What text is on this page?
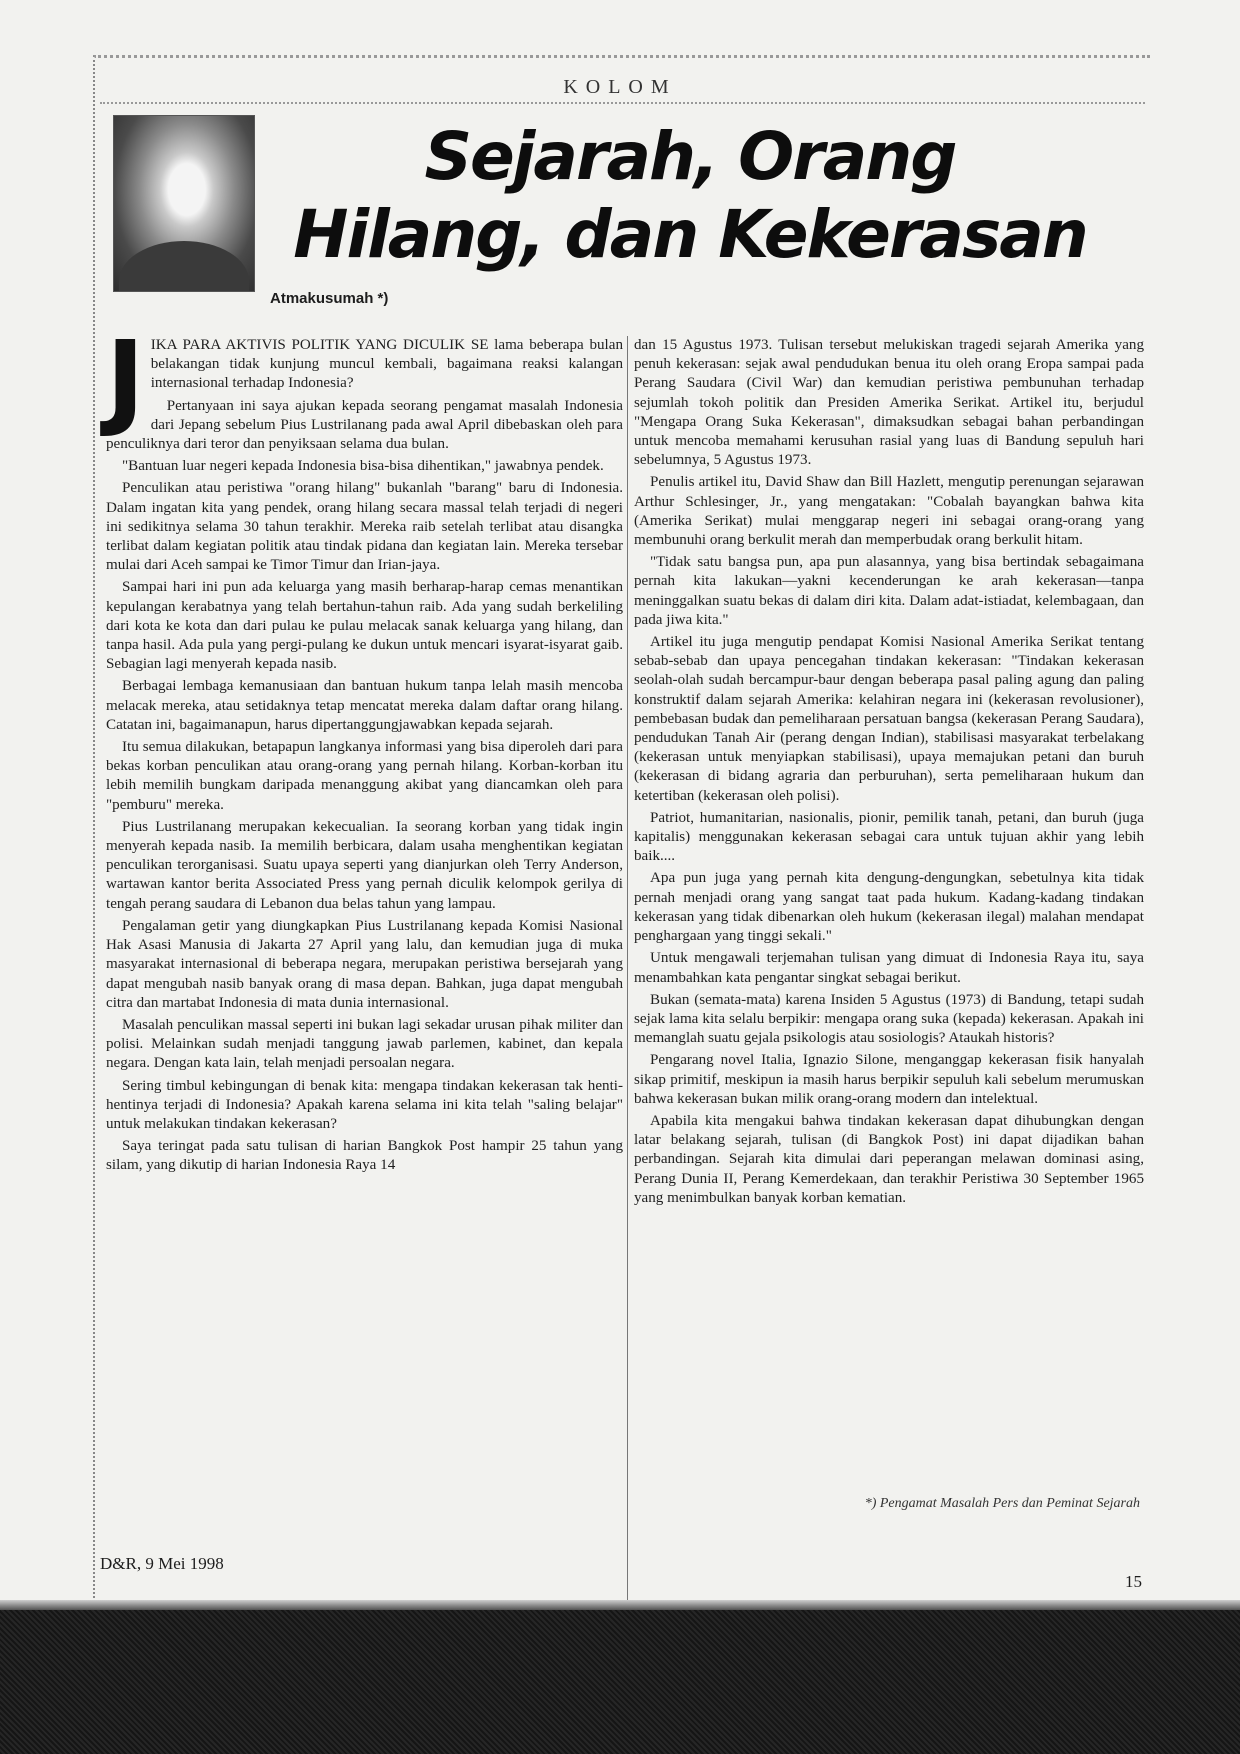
KOLOM
Sejarah, Orang Hilang, dan Kekerasan
Atmakusumah *)
J IKA PARA AKTIVIS POLITIK YANG DICULIK SE lama beberapa bulan belakangan tidak kunjung muncul kembali, bagaimana reaksi kalangan internasional terhadap Indonesia?

Pertanyaan ini saya ajukan kepada seorang pengamat masalah Indonesia dari Jepang sebelum Pius Lustrilanang pada awal April dibebaskan oleh para penculiknya dari teror dan penyiksaan selama dua bulan.

"Bantuan luar negeri kepada Indonesia bisa-bisa dihentikan," jawabnya pendek.

Penculikan atau peristiwa "orang hilang" bukanlah "barang" baru di Indonesia. Dalam ingatan kita yang pendek, orang hilang secara massal telah terjadi di negeri ini sedikitnya selama 30 tahun terakhir. Mereka raib setelah terlibat atau disangka terlibat dalam kegiatan politik atau tindak pidana dan kegiatan lain. Mereka tersebar mulai dari Aceh sampai ke Timor Timur dan Irian-jaya.

Sampai hari ini pun ada keluarga yang masih berharap-harap cemas menantikan kepulangan kerabatnya yang telah bertahun-tahun raib. Ada yang sudah berkeliling dari kota ke kota dan dari pulau ke pulau melacak sanak keluarga yang hilang, dan tanpa hasil. Ada pula yang pergi-pulang ke dukun untuk mencari isyarat-isyarat gaib. Sebagian lagi menyerah kepada nasib.

Berbagai lembaga kemanusiaan dan bantuan hukum tanpa lelah masih mencoba melacak mereka, atau setidaknya tetap mencatat mereka dalam daftar orang hilang. Catatan ini, bagaimanapun, harus dipertanggungjawabkan kepada sejarah.

Itu semua dilakukan, betapapun langkanya informasi yang bisa diperoleh dari para bekas korban penculikan atau orang-orang yang pernah hilang. Korban-korban itu lebih memilih bungkam daripada menanggung akibat yang diancamkan oleh para "pemburu" mereka.

Pius Lustrilanang merupakan kekecualian. Ia seorang korban yang tidak ingin menyerah kepada nasib. Ia memilih berbicara, dalam usaha menghentikan kegiatan penculikan terorganisasi. Suatu upaya seperti yang dianjurkan oleh Terry Anderson, wartawan kantor berita Associated Press yang pernah diculik kelompok gerilya di tengah perang saudara di Lebanon dua belas tahun yang lampau.

Pengalaman getir yang diungkapkan Pius Lustrilanang kepada Komisi Nasional Hak Asasi Manusia di Jakarta 27 April yang lalu, dan kemudian juga di muka masyarakat internasional di beberapa negara, merupakan peristiwa bersejarah yang dapat mengubah nasib banyak orang di masa depan. Bahkan, juga dapat mengubah citra dan martabat Indonesia di mata dunia internasional.

Masalah penculikan massal seperti ini bukan lagi sekadar urusan pihak militer dan polisi. Melainkan sudah menjadi tanggung jawab parlemen, kabinet, dan kepala negara. Dengan kata lain, telah menjadi persoalan negara.

Sering timbul kebingungan di benak kita: mengapa tindakan kekerasan tak henti-hentinya terjadi di Indonesia? Apakah karena selama ini kita telah "saling belajar" untuk melakukan tindakan kekerasan?

Saya teringat pada satu tulisan di harian Bangkok Post hampir 25 tahun yang silam, yang dikutip di harian Indonesia Raya 14

dan 15 Agustus 1973. Tulisan tersebut melukiskan tragedi sejarah Amerika yang penuh kekerasan: sejak awal pendudukan benua itu oleh orang Eropa sampai pada Perang Saudara (Civil War) dan kemudian peristiwa pembunuhan terhadap sejumlah tokoh politik dan Presiden Amerika Serikat. Artikel itu, berjudul "Mengapa Orang Suka Kekerasan", dimaksudkan sebagai bahan perbandingan untuk mencoba memahami kerusuhan rasial yang luas di Bandung sepuluh hari sebelumnya, 5 Agustus 1973.

Penulis artikel itu, David Shaw dan Bill Hazlett, mengutip perenungan sejarawan Arthur Schlesinger, Jr., yang mengatakan: "Cobalah bayangkan bahwa kita (Amerika Serikat) mulai menggarap negeri ini sebagai orang-orang yang membunuhi orang berkulit merah dan memperbudak orang berkulit hitam.

"Tidak satu bangsa pun, apa pun alasannya, yang bisa bertindak sebagaimana pernah kita lakukan—yakni kecenderungan ke arah kekerasan—tanpa meninggalkan suatu bekas di dalam diri kita. Dalam adat-istiadat, kelembagaan, dan pada jiwa kita."

Artikel itu juga mengutip pendapat Komisi Nasional Amerika Serikat tentang sebab-sebab dan upaya pencegahan tindakan kekerasan: "Tindakan kekerasan seolah-olah sudah bercampur-baur dengan beberapa pasal paling agung dan paling konstruktif dalam sejarah Amerika: kelahiran negara ini (kekerasan revolusioner), pembebasan budak dan pemeliharaan persatuan bangsa (kekerasan Perang Saudara), pendudukan Tanah Air (perang dengan Indian), stabilisasi masyarakat terbelakang (kekerasan untuk menyiapkan stabilisasi), upaya memajukan petani dan buruh (kekerasan di bidang agraria dan perburuhan), serta pemeliharaan hukum dan ketertiban (kekerasan oleh polisi).

Patriot, humanitarian, nasionalis, pionir, pemilik tanah, petani, dan buruh (juga kapitalis) menggunakan kekerasan sebagai cara untuk tujuan akhir yang lebih baik....

Apa pun juga yang pernah kita dengung-dengungkan, sebetulnya kita tidak pernah menjadi orang yang sangat taat pada hukum. Kadang-kadang tindakan kekerasan yang tidak dibenarkan oleh hukum (kekerasan ilegal) malahan mendapat penghargaan yang tinggi sekali."

Untuk mengawali terjemahan tulisan yang dimuat di Indonesia Raya itu, saya menambahkan kata pengantar singkat sebagai berikut.

Bukan (semata-mata) karena Insiden 5 Agustus (1973) di Bandung, tetapi sudah sejak lama kita selalu berpikir: mengapa orang suka (kepada) kekerasan. Apakah ini memanglah suatu gejala psikologis atau sosiologis? Ataukah historis?

Pengarang novel Italia, Ignazio Silone, menganggap kekerasan fisik hanyalah sikap primitif, meskipun ia masih harus berpikir sepuluh kali sebelum merumuskan bahwa kekerasan bukan milik orang-orang modern dan intelektual.

Apabila kita mengakui bahwa tindakan kekerasan dapat dihubungkan dengan latar belakang sejarah, tulisan (di Bangkok Post) ini dapat dijadikan bahan perbandingan. Sejarah kita dimulai dari peperangan melawan dominasi asing, Perang Dunia II, Perang Kemerdekaan, dan terakhir Peristiwa 30 September 1965 yang menimbulkan banyak korban kematian.

*) Pengamat Masalah Pers dan Peminat Sejarah
D&R, 9 Mei 1998
15
